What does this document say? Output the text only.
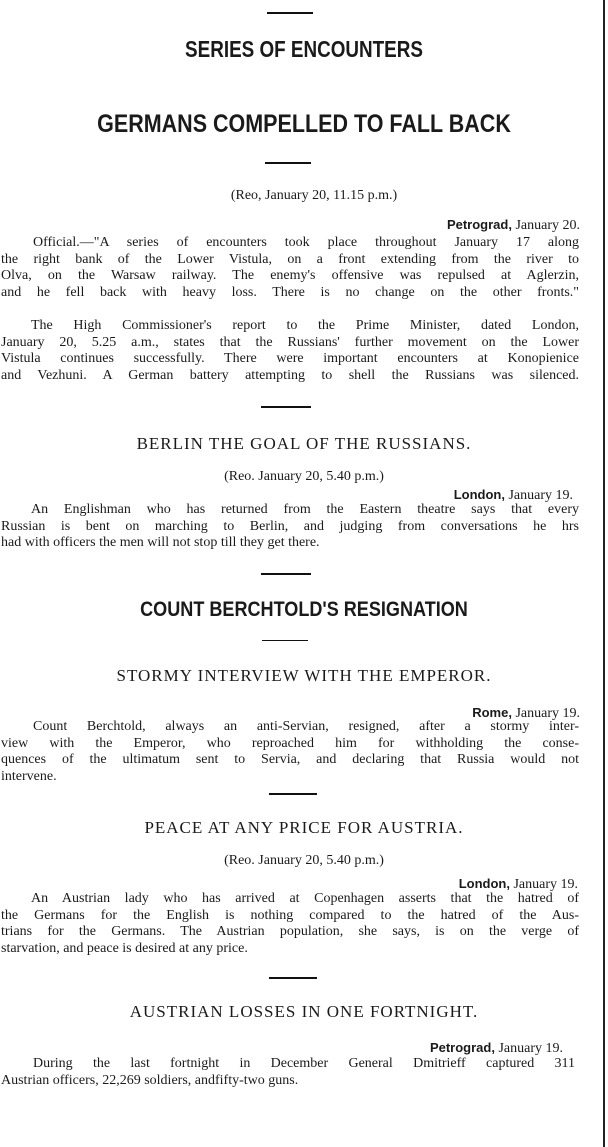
SERIES OF ENCOUNTERS
GERMANS COMPELLED TO FALL BACK
(Reo, January 20, 11.15 p.m.)
Petrograd, January 20.
Official.—"A series of encounters took place throughout January 17 along
the right bank of the Lower Vistula, on a front extending from the river to
Olva, on the Warsaw railway. The enemy's offensive was repulsed at Aglerzin,
and he fell back with heavy loss. There is no change on the other fronts."
The High Commissioner's report to the Prime Minister, dated London,
January 20, 5.25 a.m., states that the Russians' further movement on the Lower
Vistula continues successfully. There were important encounters at Konopienice
and Vezhuni. A German battery attempting to shell the Russians was silenced.
BERLIN THE GOAL OF THE RUSSIANS.
(Reo. January 20, 5.40 p.m.)
London, January 19.
An Englishman who has returned from the Eastern theatre says that every
Russian is bent on marching to Berlin, and judging from conversations he hrs
had with officers the men will not stop till they get there.
COUNT BERCHTOLD'S RESIGNATION
STORMY INTERVIEW WITH THE EMPEROR.
Rome, January 19.
Count Berchtold, always an anti-Servian, resigned, after a stormy inter-
view with the Emperor, who reproached him for withholding the conse-
quences of the ultimatum sent to Servia, and declaring that Russia would not
intervene.
PEACE AT ANY PRICE FOR AUSTRIA.
(Reo. January 20, 5.40 p.m.)
London, January 19.
An Austrian lady who has arrived at Copenhagen asserts that the hatred of
the Germans for the English is nothing compared to the hatred of the Aus-
trians for the Germans. The Austrian population, she says, is on the verge of
starvation, and peace is desired at any price.
AUSTRIAN LOSSES IN ONE FORTNIGHT.
Petrograd, January 19.
During the last fortnight in December General Dmitrieff captured 311
Austrian officers, 22,269 soldiers, andfifty-two guns.
